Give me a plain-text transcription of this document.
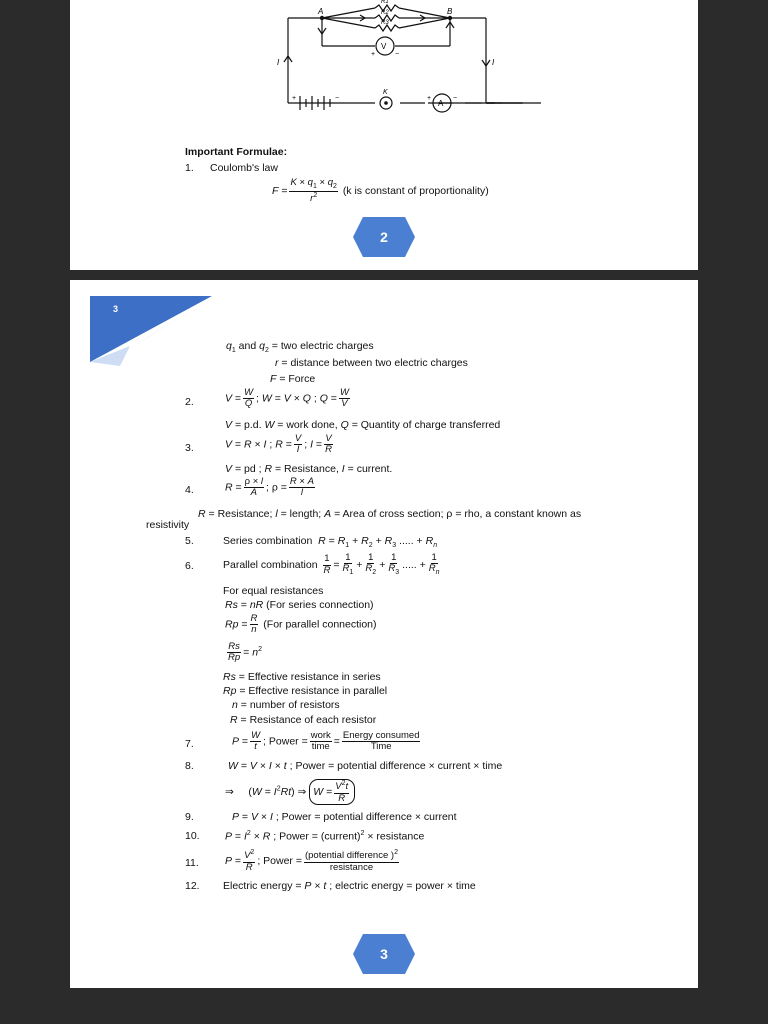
A	B
R1
R2
R3
V
A
K
I	I
+	−
+	−
+	−
Important Formulae:
1. Coulomb's law
$F = \frac{K \times q_1 \times q_2}{r^2} (k$ is constant of proportionality)
2
3
$q_1$ and $q_2$ = two electric charges
r = distance between two electric charges
F = Force
2.	$V = \frac{W}{Q}$ ; W = V × Q ; $Q = \frac{W}{V}$
V = p.d. W = work done, Q = Quantity of charge transferred
3.	V = R × I ; $R = \frac{V}{I}$ ; $I = \frac{V}{R}$
V = pd ; R = Resistance, I = current.
4.	$R = \frac{\rho \times l}{A}$ ; $\rho = \frac{R \times A}{l}$
R = Resistance; l = length; A = Area of cross section; ρ = rho, a constant known as
resistivity
5.	Series combination $R = R_1 + R_2 + R_3$ ..... + $R_n$
6.	Parallel combination $\frac{1}{R} = \frac{1}{R_1} + \frac{1}{R_2} + \frac{1}{R_3}$ ..... + $\frac{1}{R_n}$
For equal resistances
Rs = nR (For series connection)
$Rp = \frac{R}{n} (For$ parallel connection)
$\frac{Rs}{Rp} = n^2$
Rs = Effective resistance in series
Rp = Effective resistance in parallel
n = number of resistors
R = Resistance of each resistor
7.	$P = \frac{W}{t}$ ; Power = $\frac{\text{work}}{\text{time}} = \frac{\text{Energy consumed}}{\text{Time}}$
8.	W = V × I × t ; Power = potential difference × current × time
⇒     $(W = I^2Rt)$ ⇒ $W = \frac{V^2t}{R}$
9.	P = V × I ; Power = potential difference × current
10. $P = I^2 \times R$ ; Power = (current)$^2$ × resistance
11. $P = \frac{V^2}{R}$ ; Power = $\frac{(potential difference )^2}{\text{resistance}}$
12. Electric energy = P × t ; electric energy = power × time
3
